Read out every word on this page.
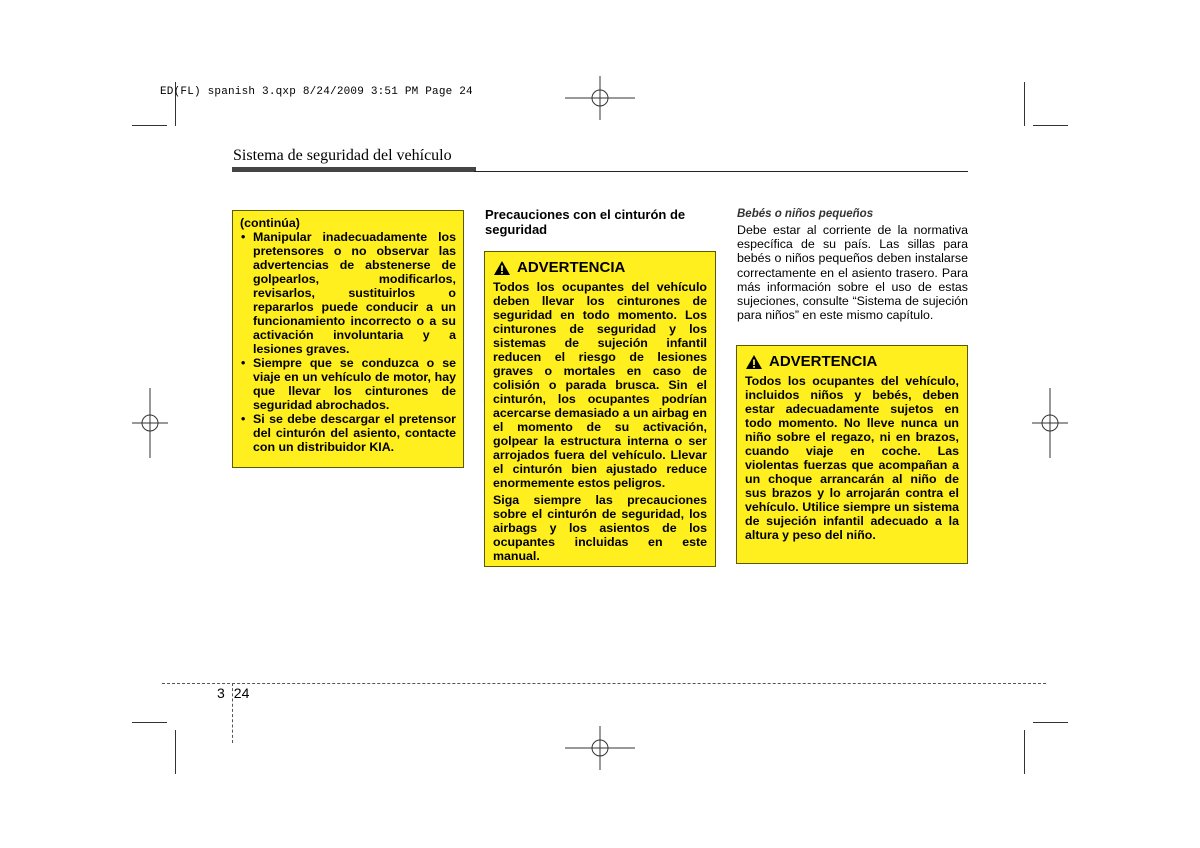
ED(FL) spanish 3.qxp 8/24/2009 3:51 PM Page 24
Sistema de seguridad del vehículo
(continúa)
• Manipular inadecuadamente los pretensores o no observar las advertencias de abstenerse de golpearlos, modificarlos, revisarlos, sustituirlos o repararlos puede conducir a un funcionamiento incorrecto o a su activación involuntaria y a lesiones graves.
• Siempre que se conduzca o se viaje en un vehículo de motor, hay que llevar los cinturones de seguridad abrochados.
• Si se debe descargar el pretensor del cinturón del asiento, contacte con un distribuidor KIA.
Precauciones con el cinturón de seguridad
ADVERTENCIA
Todos los ocupantes del vehículo deben llevar los cinturones de seguridad en todo momento. Los cinturones de seguridad y los sistemas de sujeción infantil reducen el riesgo de lesiones graves o mortales en caso de colisión o parada brusca. Sin el cinturón, los ocupantes podrían acercarse demasiado a un airbag en el momento de su activación, golpear la estructura interna o ser arrojados fuera del vehículo. Llevar el cinturón bien ajustado reduce enormemente estos peligros.
Siga siempre las precauciones sobre el cinturón de seguridad, los airbags y los asientos de los ocupantes incluidas en este manual.
Bebés o niños pequeños
Debe estar al corriente de la normativa específica de su país. Las sillas para bebés o niños pequeños deben instalarse correctamente en el asiento trasero. Para más información sobre el uso de estas sujeciones, consulte “Sistema de sujeción para niños” en este mismo capítulo.
ADVERTENCIA
Todos los ocupantes del vehículo, incluidos niños y bebés, deben estar adecuadamente sujetos en todo momento. No lleve nunca un niño sobre el regazo, ni en brazos, cuando viaje en coche. Las violentas fuerzas que acompañan a un choque arrancarán al niño de sus brazos y lo arrojarán contra el vehículo. Utilice siempre un sistema de sujeción infantil adecuado a la altura y peso del niño.
3 24
